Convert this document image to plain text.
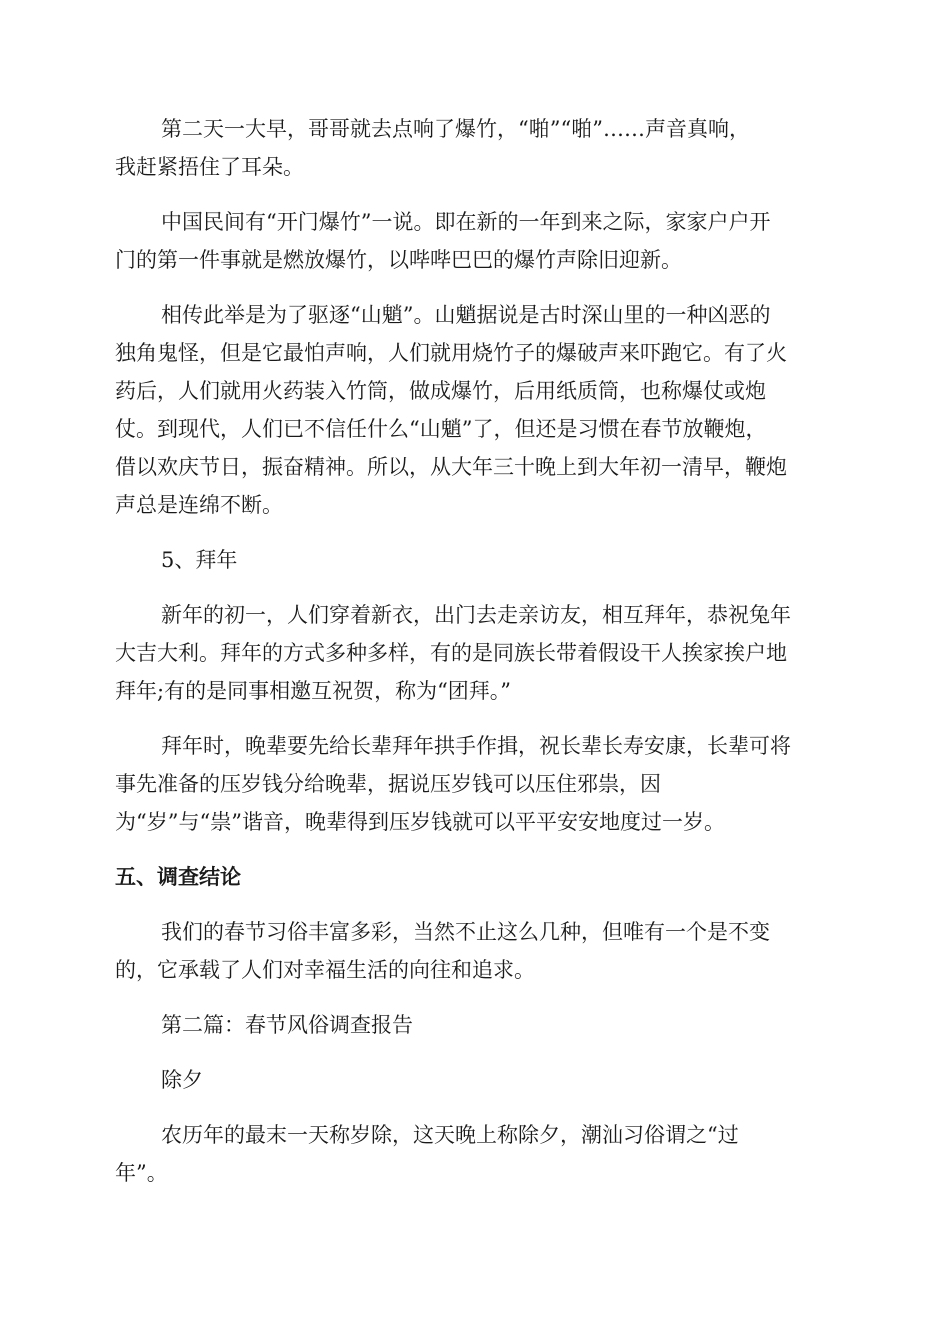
第二天一大早，哥哥就去点响了爆竹，“啪”“啪”……声音真响，
我赶紧捂住了耳朵。

中国民间有“开门爆竹”一说。即在新的一年到来之际，家家户户开
门的第一件事就是燃放爆竹，以哔哔巴巴的爆竹声除旧迎新。

相传此举是为了驱逐“山魈”。山魈据说是古时深山里的一种凶恶的
独角鬼怪，但是它最怕声响，人们就用烧竹子的爆破声来吓跑它。有了火
药后，人们就用火药装入竹筒，做成爆竹，后用纸质筒，也称爆仗或炮
仗。到现代，人们已不信任什么“山魈”了，但还是习惯在春节放鞭炮，
借以欢庆节日，振奋精神。所以，从大年三十晚上到大年初一清早，鞭炮
声总是连绵不断。

5、拜年

新年的初一，人们穿着新衣，出门去走亲访友，相互拜年，恭祝兔年
大吉大利。拜年的方式多种多样，有的是同族长带着假设干人挨家挨户地
拜年;有的是同事相邀互祝贺，称为“团拜。”

拜年时，晚辈要先给长辈拜年拱手作揖，祝长辈长寿安康，长辈可将
事先准备的压岁钱分给晚辈，据说压岁钱可以压住邪祟，因
为“岁”与“祟”谐音，晚辈得到压岁钱就可以平平安安地度过一岁。

五、调查结论

我们的春节习俗丰富多彩，当然不止这么几种，但唯有一个是不变
的，它承载了人们对幸福生活的向往和追求。

第二篇：春节风俗调查报告

除夕

农历年的最末一天称岁除，这天晚上称除夕，潮汕习俗谓之“过
年”。
